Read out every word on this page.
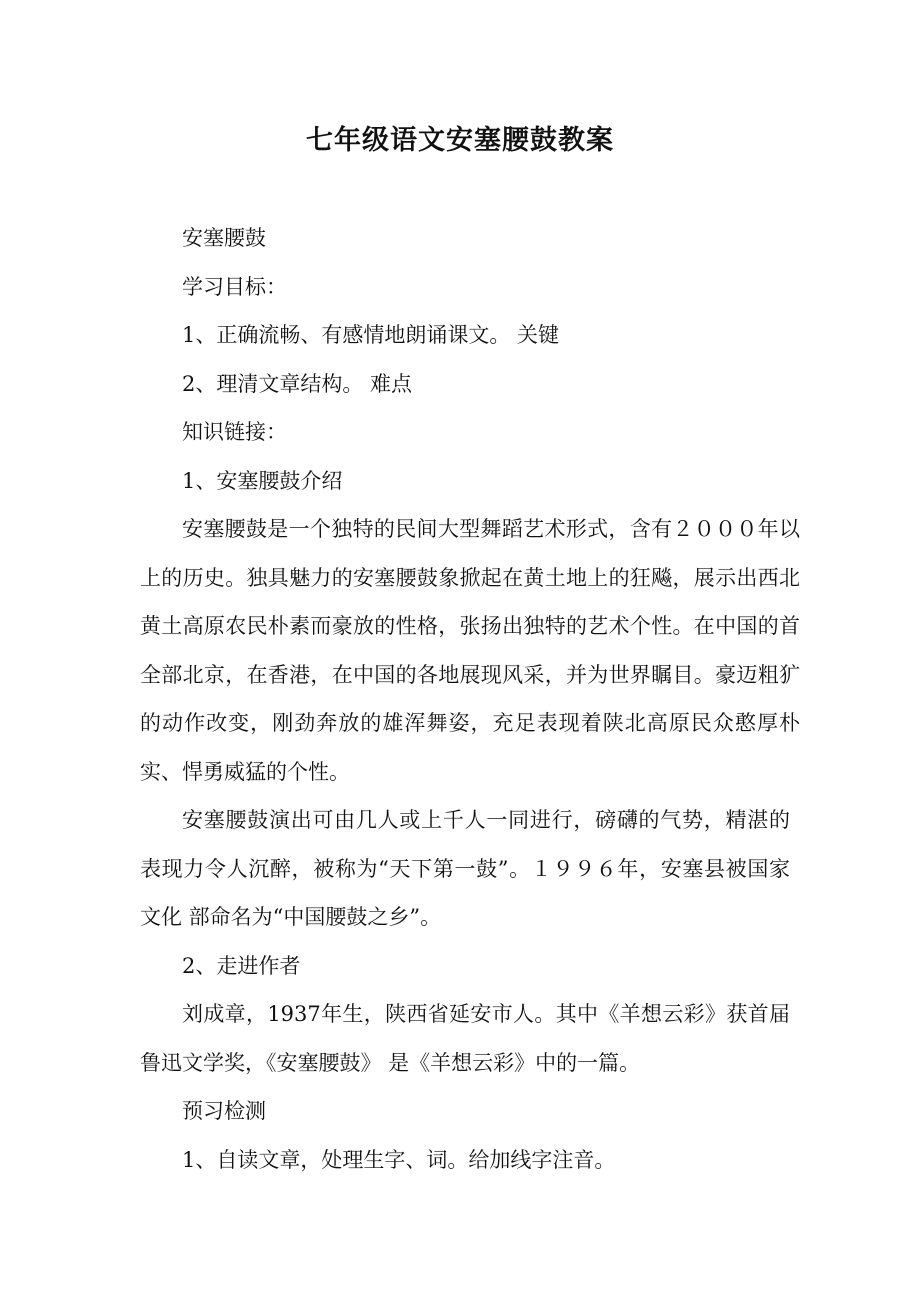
七年级语文安塞腰鼓教案

安塞腰鼓

学习目标：

1、正确流畅、有感情地朗诵课文。 关键

2、理清文章结构。 难点

知识链接：

1、安塞腰鼓介绍

安塞腰鼓是一个独特的民间大型舞蹈艺术形式，含有２０００年以上的历史。独具魅力的安塞腰鼓象掀起在黄土地上的狂飚，展示出西北黄土高原农民朴素而豪放的性格，张扬出独特的艺术个性。在中国的首全部北京，在香港，在中国的各地展现风采，并为世界瞩目。豪迈粗犷的动作改变，刚劲奔放的雄浑舞姿，充足表现着陕北高原民众憨厚朴实、悍勇威猛的个性。

安塞腰鼓演出可由几人或上千人一同进行，磅礴的气势，精湛的表现力令人沉醉，被称为“天下第一鼓”。１９９６年，安塞县被国家文化 部命名为“中国腰鼓之乡”。

2、走进作者

刘成章，1937年生，陕西省延安市人。其中《羊想云彩》获首届鲁迅文学奖，《安塞腰鼓》 是《羊想云彩》中的一篇。

预习检测

1、自读文章，处理生字、词。给加线字注音。
